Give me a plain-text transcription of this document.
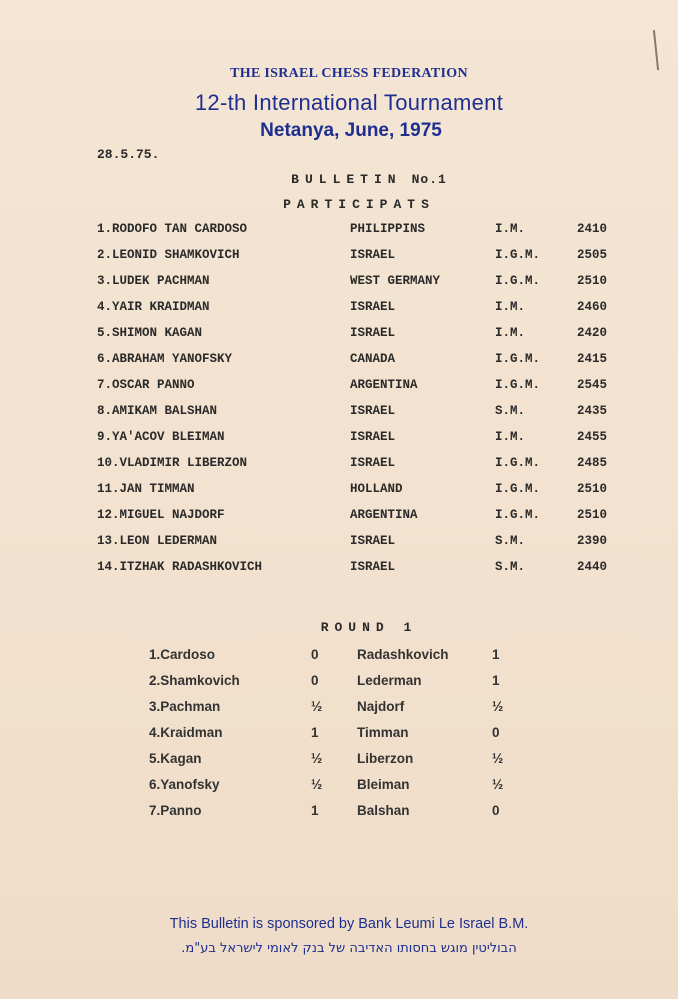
THE ISRAEL CHESS FEDERATION
12-th International Tournament
Netanya, June, 1975
28.5.75.
BULLETIN No.1
PARTICIPATS
1.RODOFO TAN CARDOSO	PHILIPPINS	I.M.	2410
2.LEONID SHAMKOVICH	ISRAEL	I.G.M.	2505
3.LUDEK PACHMAN	WEST GERMANY	I.G.M.	2510
4.YAIR KRAIDMAN	ISRAEL	I.M.	2460
5.SHIMON KAGAN	ISRAEL	I.M.	2420
6.ABRAHAM YANOFSKY	CANADA	I.G.M.	2415
7.OSCAR PANNO	ARGENTINA	I.G.M.	2545
8.AMIKAM BALSHAN	ISRAEL	S.M.	2435
9.YA'ACOV BLEIMAN	ISRAEL	I.M.	2455
10.VLADIMIR LIBERZON	ISRAEL	I.G.M.	2485
11.JAN TIMMAN	HOLLAND	I.G.M.	2510
12.MIGUEL NAJDORF	ARGENTINA	I.G.M.	2510
13.LEON LEDERMAN	ISRAEL	S.M.	2390
14.ITZHAK RADASHKOVICH	ISRAEL	S.M.	2440
ROUND 1
1.Cardoso	0	Radashkovich	1
2.Shamkovich	0	Lederman	1
3.Pachman	½	Najdorf	½
4.Kraidman	1	Timman	0
5.Kagan	½	Liberzon	½
6.Yanofsky	½	Bleiman	½
7.Panno	1	Balshan	0
This Bulletin is sponsored by Bank Leumi Le Israel B.M.
הבוליטין מוגש בחסותו האדיבה של בנק לאומי לישראל בע"מ.
